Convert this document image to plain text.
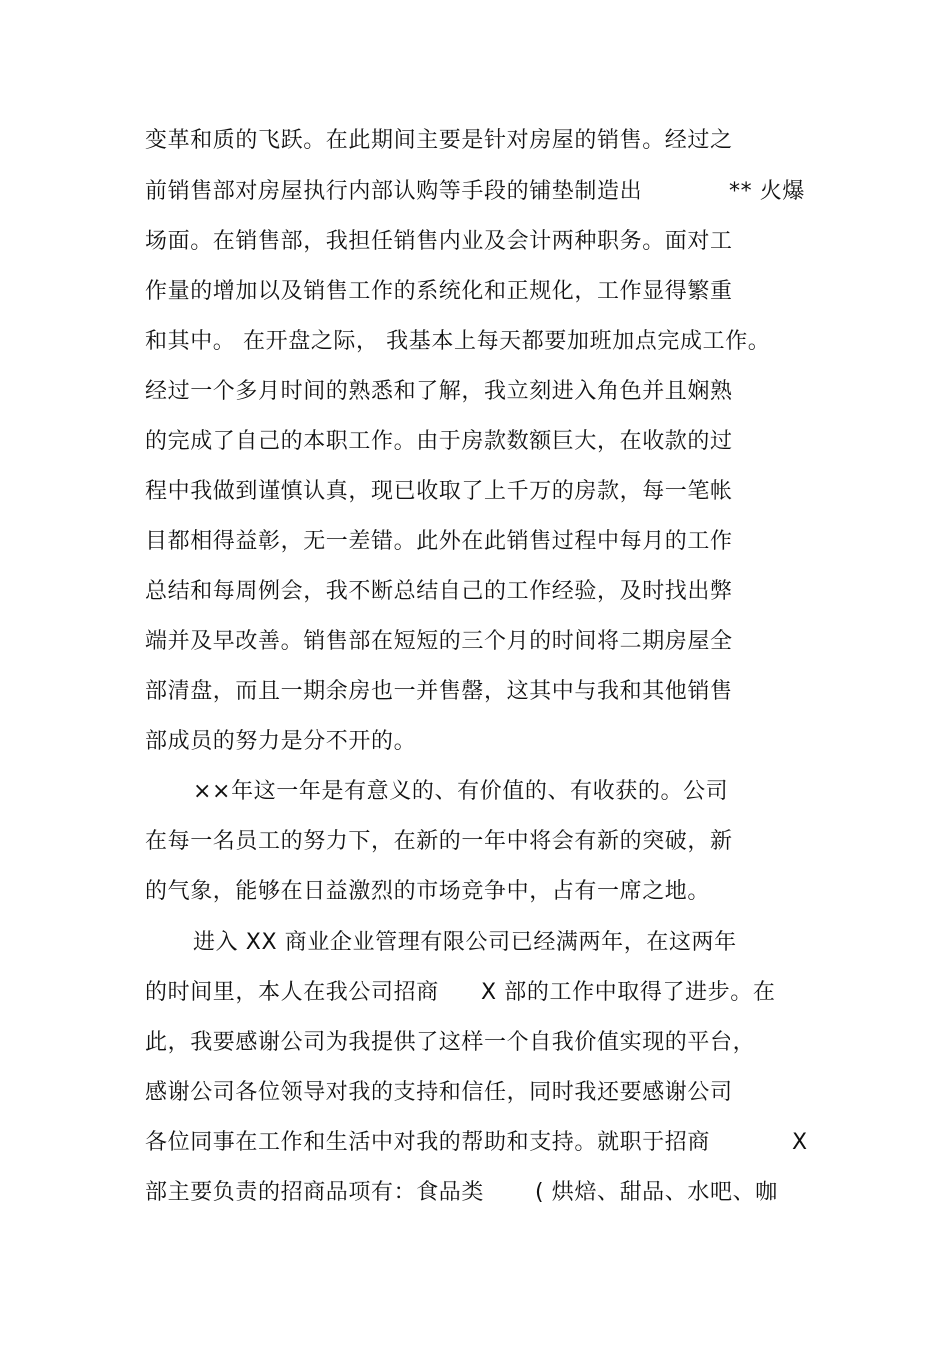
变革和质的飞跃。在此期间主要是针对房屋的销售。经过之
前销售部对房屋执行内部认购等手段的铺垫制造出	** 火爆
场面。在销售部，我担任销售内业及会计两种职务。面对工
作量的增加以及销售工作的系统化和正规化，工作显得繁重
和其中。 在开盘之际， 我基本上每天都要加班加点完成工作。
经过一个多月时间的熟悉和了解，我立刻进入角色并且娴熟
的完成了自己的本职工作。由于房款数额巨大，在收款的过
程中我做到谨慎认真，现已收取了上千万的房款，每一笔帐
目都相得益彰，无一差错。此外在此销售过程中每月的工作
总结和每周例会，我不断总结自己的工作经验，及时找出弊
端并及早改善。销售部在短短的三个月的时间将二期房屋全
部清盘，而且一期余房也一并售罄，这其中与我和其他销售
部成员的努力是分不开的。
××年这一年是有意义的、有价值的、有收获的。公司
在每一名员工的努力下，在新的一年中将会有新的突破，新
的气象，能够在日益激烈的市场竞争中，占有一席之地。
进入 XX 商业企业管理有限公司已经满两年，在这两年
的时间里，本人在我公司招商 X 部的工作中取得了进步。在
此，我要感谢公司为我提供了这样一个自我价值实现的平台，
感谢公司各位领导对我的支持和信任，同时我还要感谢公司
各位同事在工作和生活中对我的帮助和支持。就职于招商	X
部主要负责的招商品项有：食品类 ( 烘焙、甜品、水吧、咖
